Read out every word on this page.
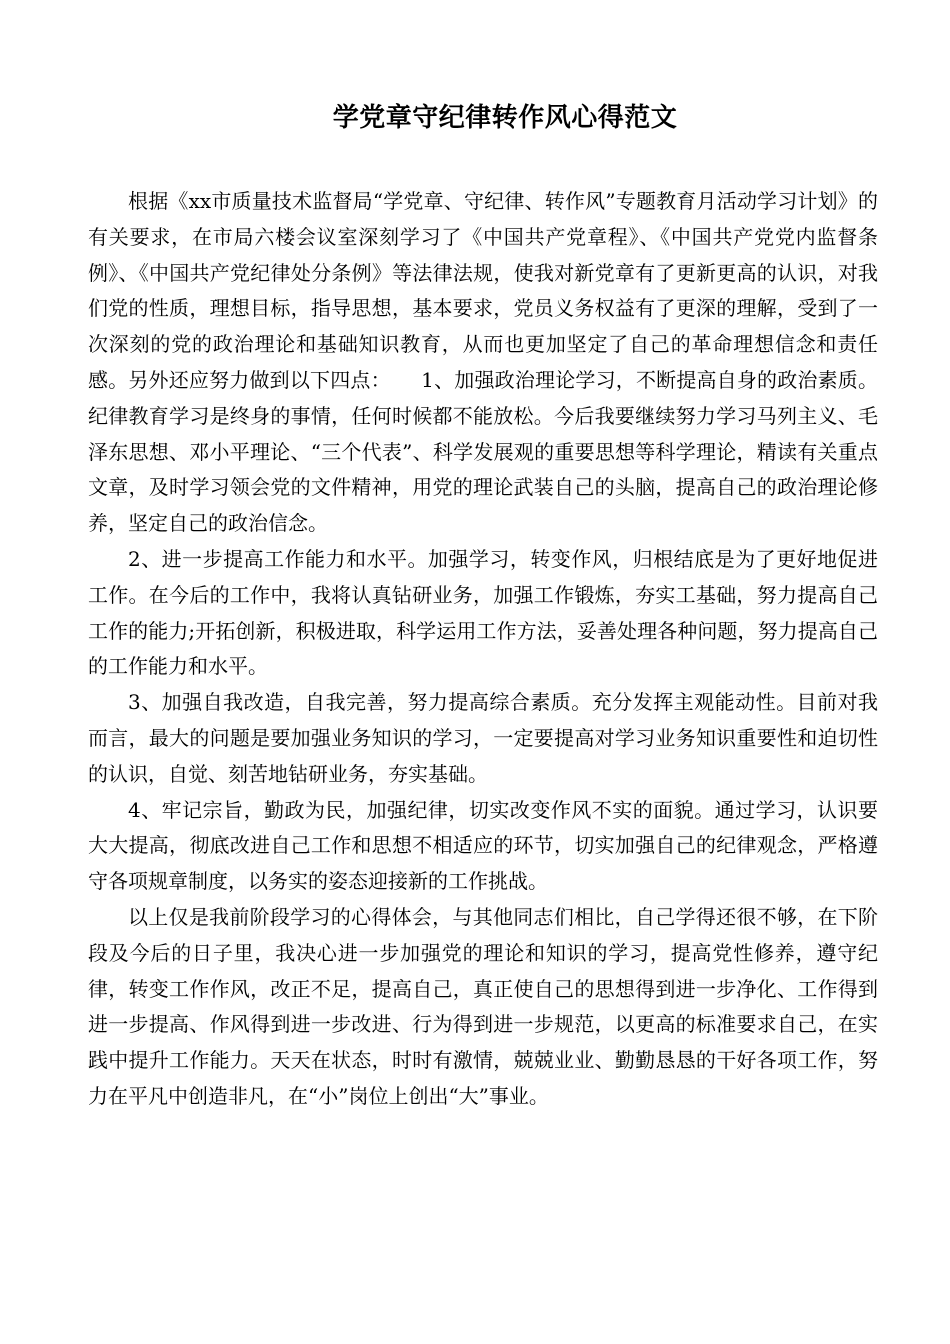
学党章守纪律转作风心得范文

根据《xx市质量技术监督局“学党章、守纪律、转作风”专题教育月活动学习计划》的有关要求，在市局六楼会议室深刻学习了《中国共产党章程》、《中国共产党党内监督条例》、《中国共产党纪律处分条例》等法律法规，使我对新党章有了更新更高的认识，对我们党的性质，理想目标，指导思想，基本要求，党员义务权益有了更深的理解，受到了一次深刻的党的政治理论和基础知识教育，从而也更加坚定了自己的革命理想信念和责任感。另外还应努力做到以下四点：　　1、加强政治理论学习，不断提高自身的政治素质。纪律教育学习是终身的事情，任何时候都不能放松。今后我要继续努力学习马列主义、毛泽东思想、邓小平理论、“三个代表”、科学发展观的重要思想等科学理论，精读有关重点文章，及时学习领会党的文件精神，用党的理论武装自己的头脑，提高自己的政治理论修养，坚定自己的政治信念。

2、进一步提高工作能力和水平。加强学习，转变作风，归根结底是为了更好地促进工作。在今后的工作中，我将认真钻研业务，加强工作锻炼，夯实工基础，努力提高自己工作的能力;开拓创新，积极进取，科学运用工作方法，妥善处理各种问题，努力提高自己的工作能力和水平。

3、加强自我改造，自我完善，努力提高综合素质。充分发挥主观能动性。目前对我而言，最大的问题是要加强业务知识的学习，一定要提高对学习业务知识重要性和迫切性的认识，自觉、刻苦地钻研业务，夯实基础。

4、牢记宗旨，勤政为民，加强纪律，切实改变作风不实的面貌。通过学习，认识要大大提高，彻底改进自己工作和思想不相适应的环节，切实加强自己的纪律观念，严格遵守各项规章制度，以务实的姿态迎接新的工作挑战。

以上仅是我前阶段学习的心得体会，与其他同志们相比，自己学得还很不够，在下阶段及今后的日子里，我决心进一步加强党的理论和知识的学习，提高党性修养，遵守纪律，转变工作作风，改正不足，提高自己，真正使自己的思想得到进一步净化、工作得到进一步提高、作风得到进一步改进、行为得到进一步规范，以更高的标准要求自己，在实践中提升工作能力。天天在状态，时时有激情，兢兢业业、勤勤恳恳的干好各项工作，努力在平凡中创造非凡，在“小”岗位上创出“大”事业。
